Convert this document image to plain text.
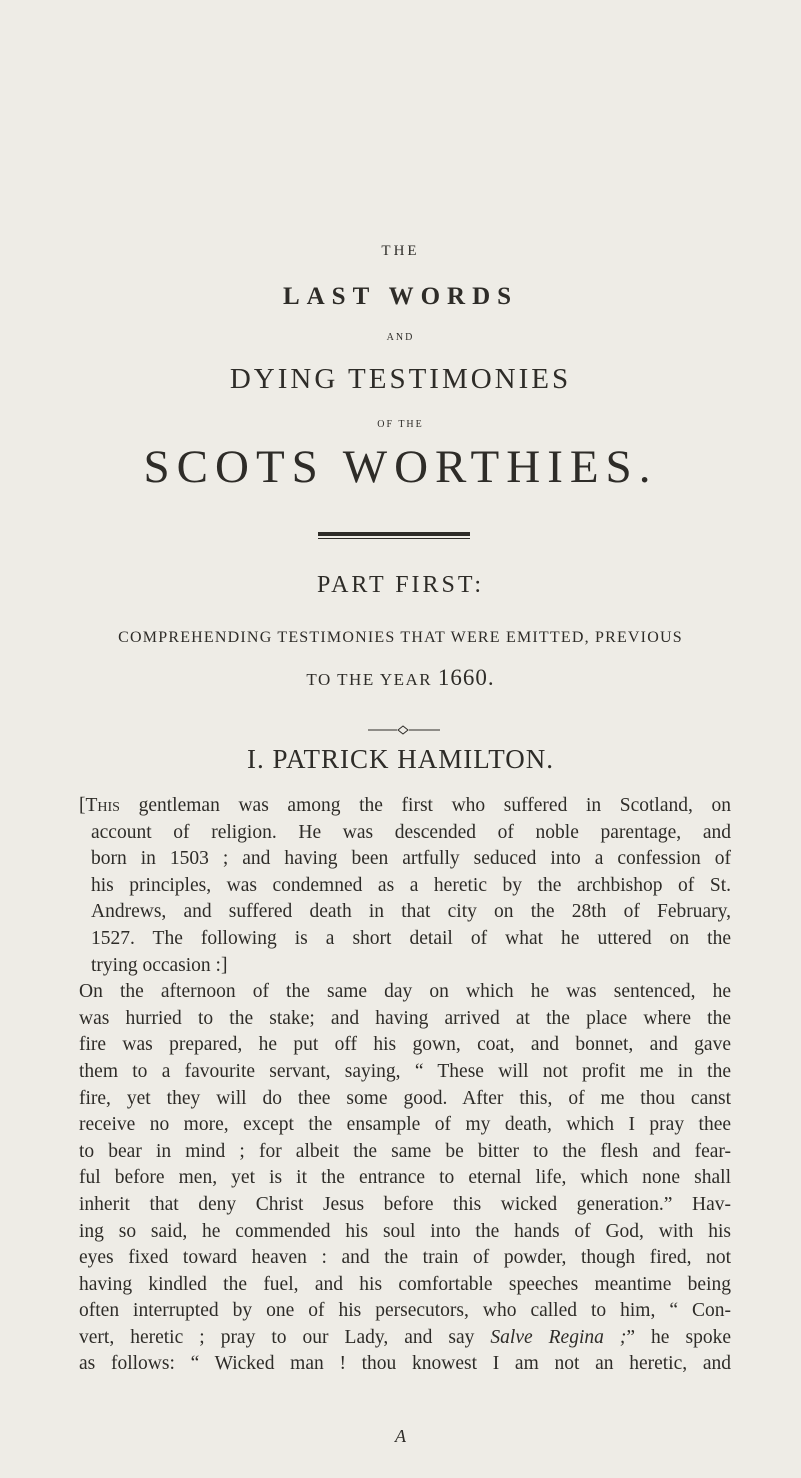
THE
LAST WORDS
AND
DYING TESTIMONIES
OF THE
SCOTS WORTHIES.
PART FIRST:
COMPREHENDING TESTIMONIES THAT WERE EMITTED, PREVIOUS
TO THE YEAR 1660.
I. PATRICK HAMILTON.
[This gentleman was among the first who suffered in Scotland, on
account of religion. He was descended of noble parentage, and
born in 1503 ; and having been artfully seduced into a confession of
his principles, was condemned as a heretic by the archbishop of St.
Andrews, and suffered death in that city on the 28th of February,
1527. The following is a short detail of what he uttered on the
trying occasion :]
On the afternoon of the same day on which he was sentenced, he
was hurried to the stake; and having arrived at the place where the
fire was prepared, he put off his gown, coat, and bonnet, and gave
them to a favourite servant, saying, “ These will not profit me in the
fire, yet they will do thee some good. After this, of me thou canst
receive no more, except the ensample of my death, which I pray thee
to bear in mind ; for albeit the same be bitter to the flesh and fear-
ful before men, yet is it the entrance to eternal life, which none shall
inherit that deny Christ Jesus before this wicked generation.” Hav-
ing so said, he commended his soul into the hands of God, with his
eyes fixed toward heaven : and the train of powder, though fired, not
having kindled the fuel, and his comfortable speeches meantime being
often interrupted by one of his persecutors, who called to him, “ Con-
vert, heretic ; pray to our Lady, and say Salve Regina ;” he spoke
as follows: “ Wicked man ! thou knowest I am not an heretic, and
A
